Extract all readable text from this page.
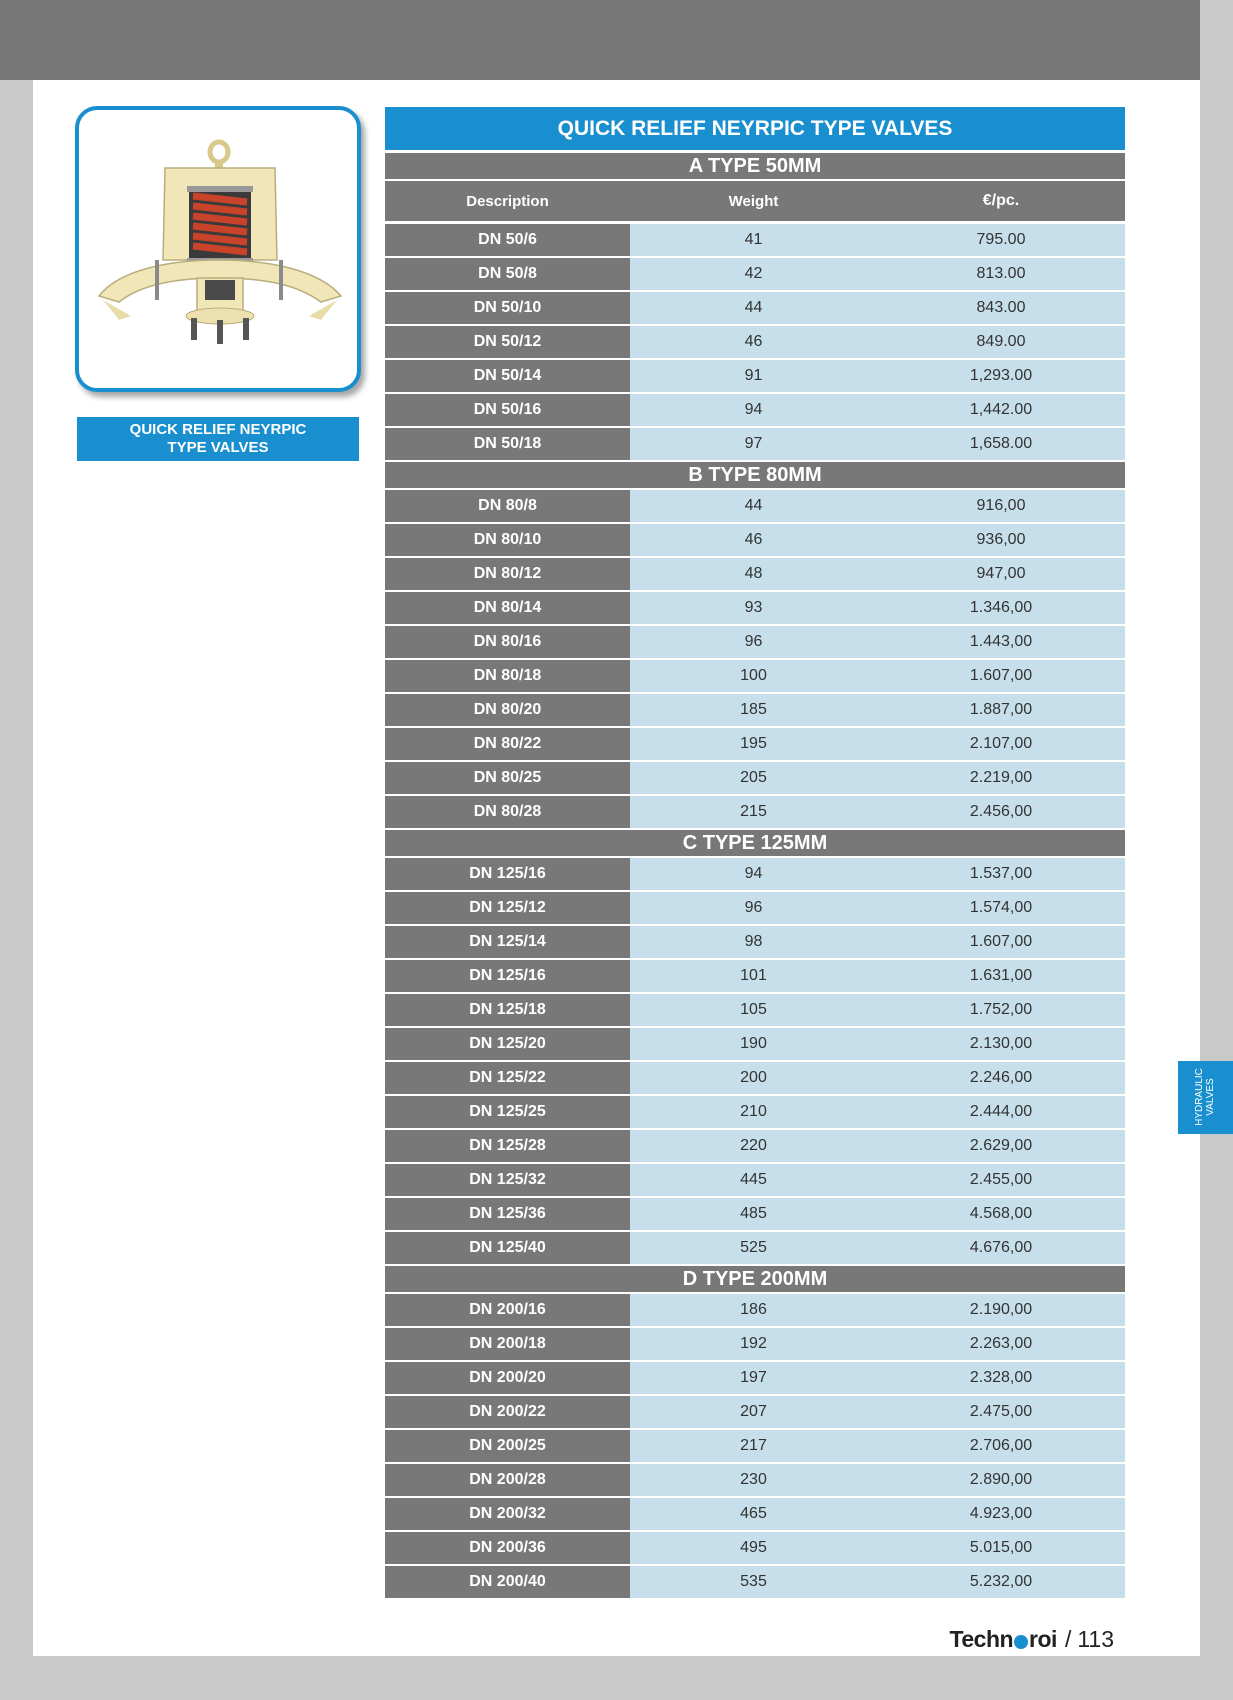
QUICK RELIEF NEYRPIC TYPE VALVES
QUICK RELIEF NEYRPIC TYPE VALVES
A TYPE 50MM
Description	Weight	€/pc.
DN 50/6	41	795.00
DN 50/8	42	813.00
DN 50/10	44	843.00
DN 50/12	46	849.00
DN 50/14	91	1,293.00
DN 50/16	94	1,442.00
DN 50/18	97	1,658.00
B TYPE 80MM
DN 80/8	44	916,00
DN 80/10	46	936,00
DN 80/12	48	947,00
DN 80/14	93	1.346,00
DN 80/16	96	1.443,00
DN 80/18	100	1.607,00
DN 80/20	185	1.887,00
DN 80/22	195	2.107,00
DN 80/25	205	2.219,00
DN 80/28	215	2.456,00
C TYPE 125MM
DN 125/16	94	1.537,00
DN 125/12	96	1.574,00
DN 125/14	98	1.607,00
DN 125/16	101	1.631,00
DN 125/18	105	1.752,00
DN 125/20	190	2.130,00
DN 125/22	200	2.246,00
DN 125/25	210	2.444,00
DN 125/28	220	2.629,00
DN 125/32	445	2.455,00
DN 125/36	485	4.568,00
DN 125/40	525	4.676,00
D TYPE 200MM
DN 200/16	186	2.190,00
DN 200/18	192	2.263,00
DN 200/20	197	2.328,00
DN 200/22	207	2.475,00
DN 200/25	217	2.706,00
DN 200/28	230	2.890,00
DN 200/32	465	4.923,00
DN 200/36	495	5.015,00
DN 200/40	535	5.232,00
HYDRAULIC VALVES
Techn roi / 113
